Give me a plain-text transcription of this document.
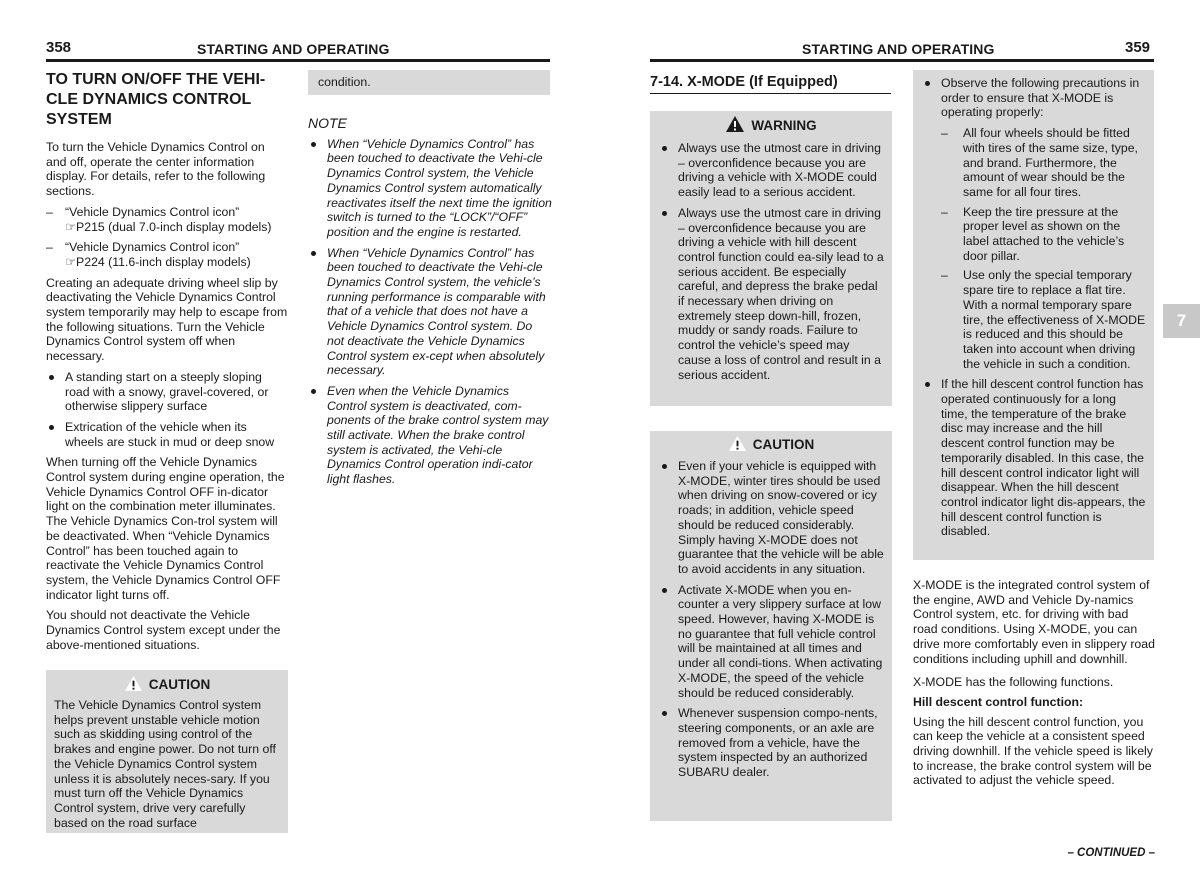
358	STARTING AND OPERATING
TO TURN ON/OFF THE VEHI-CLE DYNAMICS CONTROL SYSTEM

To turn the Vehicle Dynamics Control on and off, operate the center information display. For details, refer to the following sections.

– “Vehicle Dynamics Control icon”
☞P215 (dual 7.0-inch display models)
– “Vehicle Dynamics Control icon”
☞P224 (11.6-inch display models)

Creating an adequate driving wheel slip by deactivating the Vehicle Dynamics Control system temporarily may help to escape from the following situations. Turn the Vehicle Dynamics Control system off when necessary.

A standing start on a steeply sloping road with a snowy, gravel-covered, or otherwise slippery surface
Extrication of the vehicle when its wheels are stuck in mud or deep snow

When turning off the Vehicle Dynamics Control system during engine operation, the Vehicle Dynamics Control OFF in-dicator light on the combination meter illuminates. The Vehicle Dynamics Con-trol system will be deactivated. When “Vehicle Dynamics Control” has been touched again to reactivate the Vehicle Dynamics Control system, the Vehicle Dynamics Control OFF indicator light turns off.

You should not deactivate the Vehicle Dynamics Control system except under the above-mentioned situations.

CAUTION
The Vehicle Dynamics Control system helps prevent unstable vehicle motion such as skidding using control of the brakes and engine power. Do not turn off the Vehicle Dynamics Control system unless it is absolutely neces-sary. If you must turn off the Vehicle Dynamics Control system, drive very carefully based on the road surface
condition.
NOTE
When “Vehicle Dynamics Control” has been touched to deactivate the Vehi-cle Dynamics Control system, the Vehicle Dynamics Control system automatically reactivates itself the next time the ignition switch is turned to the “LOCK”/“OFF” position and the engine is restarted.
When “Vehicle Dynamics Control” has been touched to deactivate the Vehi-cle Dynamics Control system, the vehicle’s running performance is comparable with that of a vehicle that does not have a Vehicle Dynamics Control system. Do not deactivate the Vehicle Dynamics Control system ex-cept when absolutely necessary.
Even when the Vehicle Dynamics Control system is deactivated, com-ponents of the brake control system may still activate. When the brake control system is activated, the Vehi-cle Dynamics Control operation indi-cator light flashes.
STARTING AND OPERATING	359
7-14. X-MODE (If Equipped)
WARNING
Always use the utmost care in driving – overconfidence because you are driving a vehicle with X-MODE could easily lead to a serious accident.
Always use the utmost care in driving – overconfidence because you are driving a vehicle with hill descent control function could ea-sily lead to a serious accident. Be especially careful, and depress the brake pedal if necessary when driving on extremely steep down-hill, frozen, muddy or sandy roads. Failure to control the vehicle’s speed may cause a loss of control and result in a serious accident.
CAUTION
Even if your vehicle is equipped with X-MODE, winter tires should be used when driving on snow-covered or icy roads; in addition, vehicle speed should be reduced considerably. Simply having X-MODE does not guarantee that the vehicle will be able to avoid accidents in any situation.
Activate X-MODE when you en-counter a very slippery surface at low speed. However, having X-MODE is no guarantee that full vehicle control will be maintained at all times and under all condi-tions. When activating X-MODE, the speed of the vehicle should be reduced considerably.
Whenever suspension compo-nents, steering components, or an axle are removed from a vehicle, have the system inspected by an authorized SUBARU dealer.
Observe the following precautions in order to ensure that X-MODE is operating properly:
–	All four wheels should be fitted with tires of the same size, type, and brand. Furthermore, the amount of wear should be the same for all four tires.
–	Keep the tire pressure at the proper level as shown on the label attached to the vehicle’s door pillar.
–	Use only the special temporary spare tire to replace a flat tire. With a normal temporary spare tire, the effectiveness of X-MODE is reduced and this should be taken into account when driving the vehicle in such a condition.
If the hill descent control function has operated continuously for a long time, the temperature of the brake disc may increase and the hill descent control function may be temporarily disabled. In this case, the hill descent control indicator light will disappear. When the hill descent control indicator light dis-appears, the hill descent control function is disabled.

X-MODE is the integrated control system of the engine, AWD and Vehicle Dy-namics Control system, etc. for driving with bad road conditions. Using X-MODE, you can drive more comfortably even in slippery road conditions including uphill and downhill.

X-MODE has the following functions.

Hill descent control function:

Using the hill descent control function, you can keep the vehicle at a consistent speed driving downhill. If the vehicle speed is likely to increase, the brake control system will be activated to adjust the vehicle speed.

7
– CONTINUED –
